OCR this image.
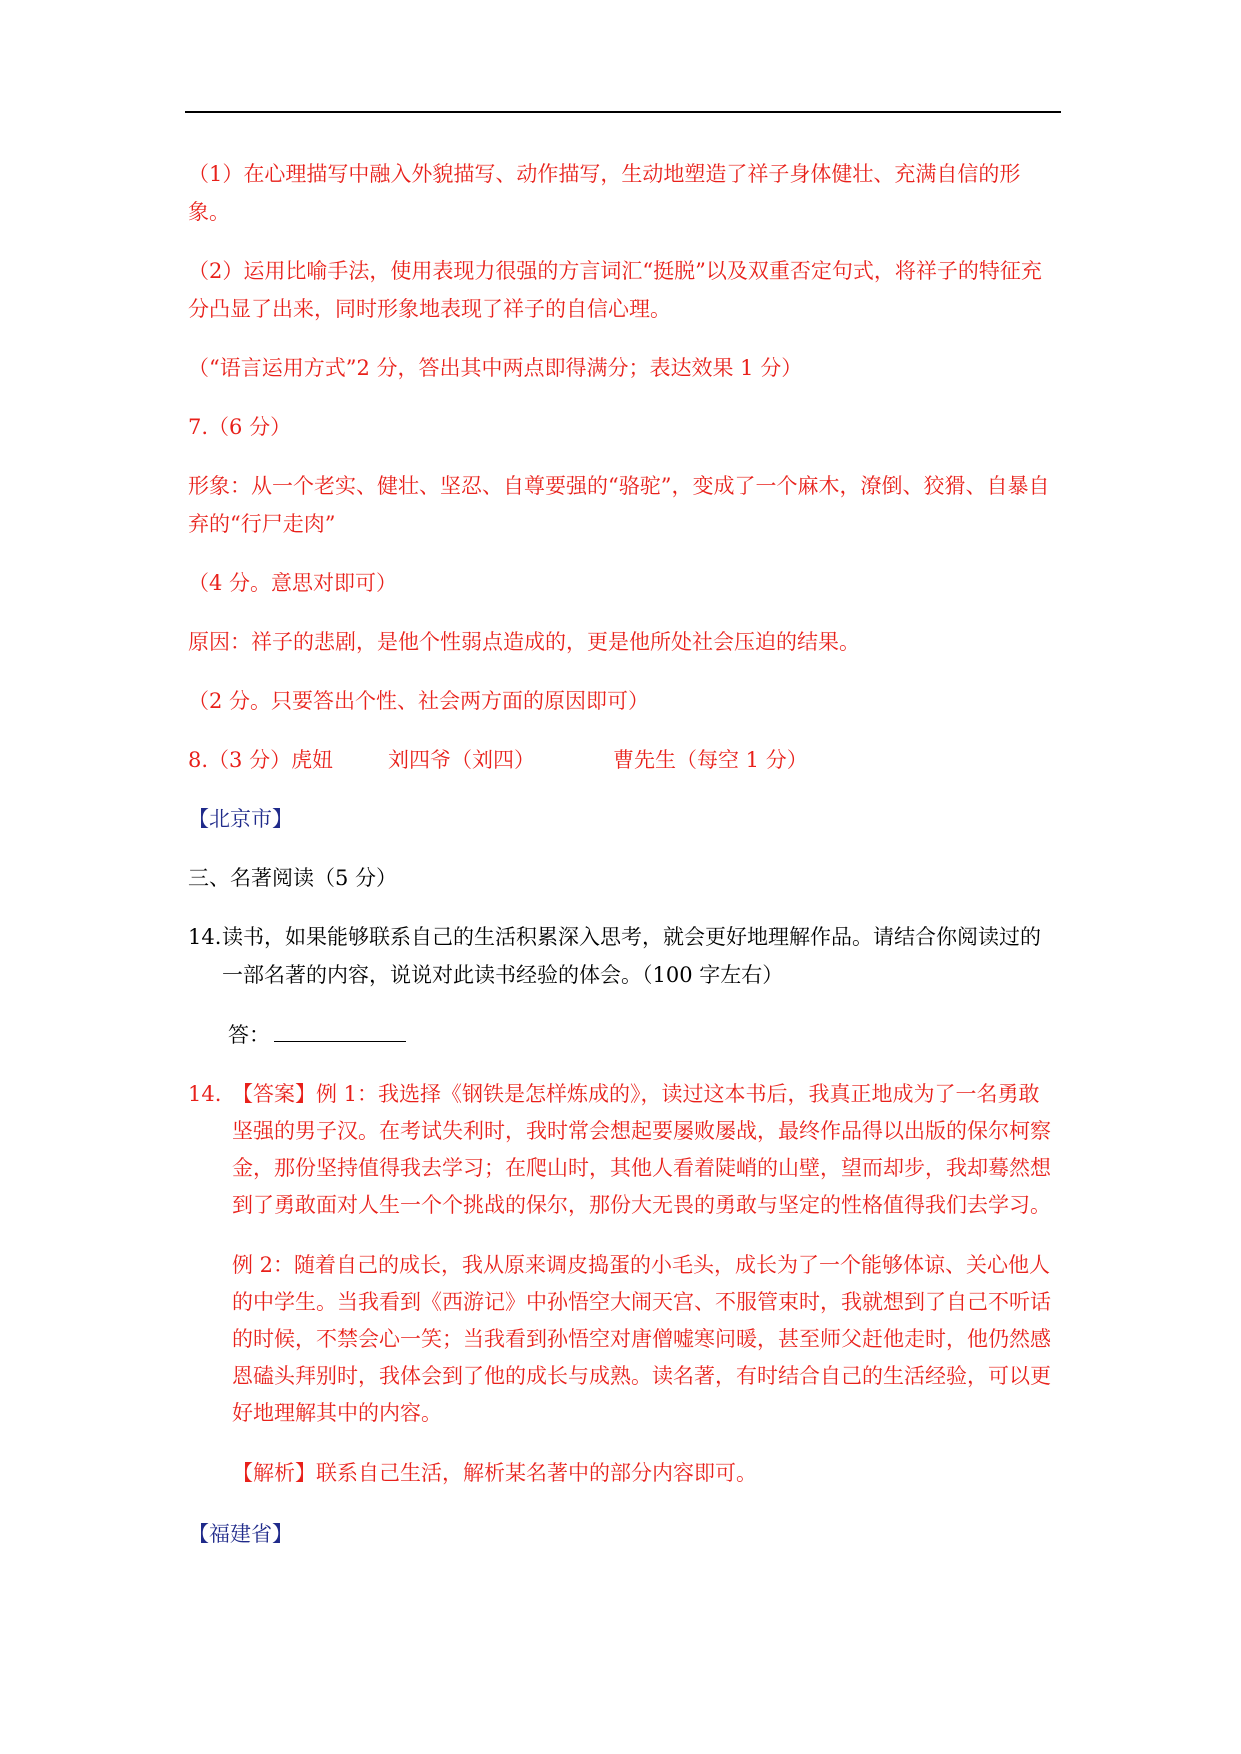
（1）在心理描写中融入外貌描写、动作描写，生动地塑造了祥子身体健壮、充满自信的形象。
（2）运用比喻手法，使用表现力很强的方言词汇“挺脱”以及双重否定句式，将祥子的特征充分凸显了出来，同时形象地表现了祥子的自信心理。
（“语言运用方式”2 分，答出其中两点即得满分；表达效果 1 分）
7.（6 分）
形象：从一个老实、健壮、坚忍、自尊要强的“骆驼”，变成了一个麻木，潦倒、狡猾、自暴自弃的“行尸走肉”
（4 分。意思对即可）
原因：祥子的悲剧，是他个性弱点造成的，更是他所处社会压迫的结果。
（2 分。只要答出个性、社会两方面的原因即可）
8.（3 分）虎妞	刘四爷（刘四）	曹先生（每空 1 分）
【北京市】
三、名著阅读（5 分）
14. 读书，如果能够联系自己的生活积累深入思考，就会更好地理解作品。请结合你阅读过的一部名著的内容，说说对此读书经验的体会。（100 字左右）
答：
14. 【答案】例 1：我选择《钢铁是怎样炼成的》，读过这本书后，我真正地成为了一名勇敢坚强的男子汉。在考试失利时，我时常会想起要屡败屡战，最终作品得以出版的保尔柯察金，那份坚持值得我去学习；在爬山时，其他人看着陡峭的山壁，望而却步，我却蓦然想到了勇敢面对人生一个个挑战的保尔，那份大无畏的勇敢与坚定的性格值得我们去学习。
例 2：随着自己的成长，我从原来调皮捣蛋的小毛头，成长为了一个能够体谅、关心他人的中学生。当我看到《西游记》中孙悟空大闹天宫、不服管束时，我就想到了自己不听话的时候，不禁会心一笑；当我看到孙悟空对唐僧嘘寒问暖，甚至师父赶他走时，他仍然感恩磕头拜别时，我体会到了他的成长与成熟。读名著，有时结合自己的生活经验，可以更好地理解其中的内容。
【解析】联系自己生活，解析某名著中的部分内容即可。
【福建省】
